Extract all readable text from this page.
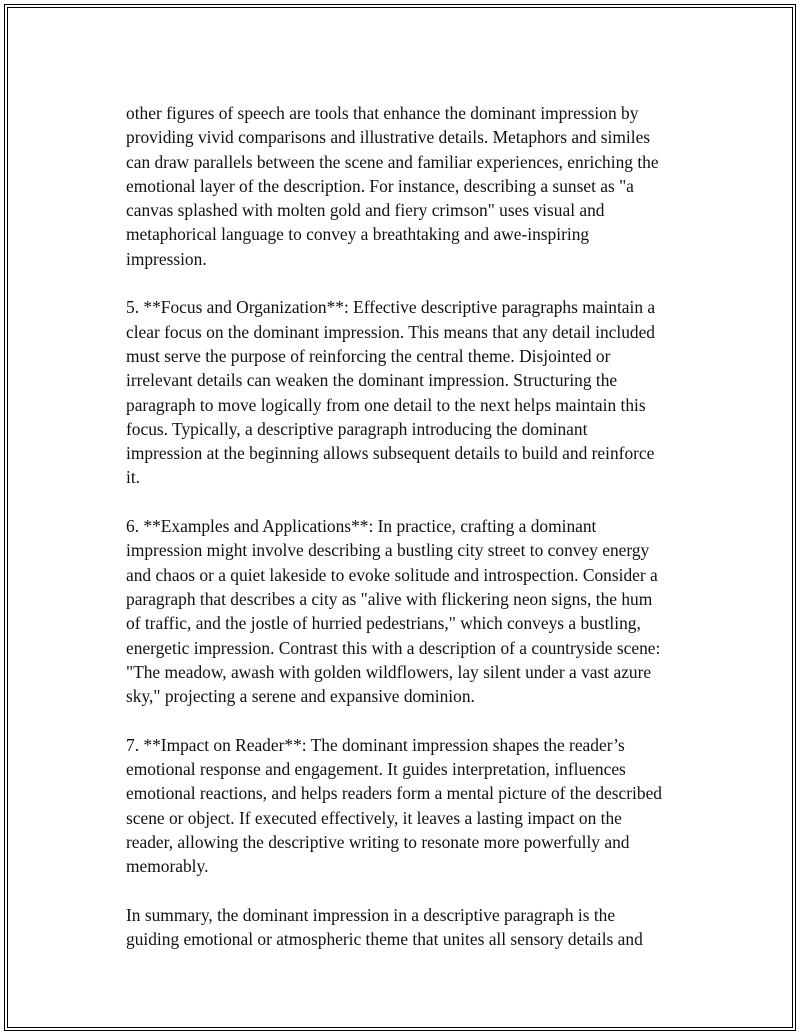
other figures of speech are tools that enhance the dominant impression by
providing vivid comparisons and illustrative details. Metaphors and similes
can draw parallels between the scene and familiar experiences, enriching the
emotional layer of the description. For instance, describing a sunset as "a
canvas splashed with molten gold and fiery crimson" uses visual and
metaphorical language to convey a breathtaking and awe-inspiring
impression.

5. **Focus and Organization**: Effective descriptive paragraphs maintain a
clear focus on the dominant impression. This means that any detail included
must serve the purpose of reinforcing the central theme. Disjointed or
irrelevant details can weaken the dominant impression. Structuring the
paragraph to move logically from one detail to the next helps maintain this
focus. Typically, a descriptive paragraph introducing the dominant
impression at the beginning allows subsequent details to build and reinforce
it.

6. **Examples and Applications**: In practice, crafting a dominant
impression might involve describing a bustling city street to convey energy
and chaos or a quiet lakeside to evoke solitude and introspection. Consider a
paragraph that describes a city as "alive with flickering neon signs, the hum
of traffic, and the jostle of hurried pedestrians," which conveys a bustling,
energetic impression. Contrast this with a description of a countryside scene:
"The meadow, awash with golden wildflowers, lay silent under a vast azure
sky," projecting a serene and expansive dominion.

7. **Impact on Reader**: The dominant impression shapes the reader’s
emotional response and engagement. It guides interpretation, influences
emotional reactions, and helps readers form a mental picture of the described
scene or object. If executed effectively, it leaves a lasting impact on the
reader, allowing the descriptive writing to resonate more powerfully and
memorably.

In summary, the dominant impression in a descriptive paragraph is the
guiding emotional or atmospheric theme that unites all sensory details and
